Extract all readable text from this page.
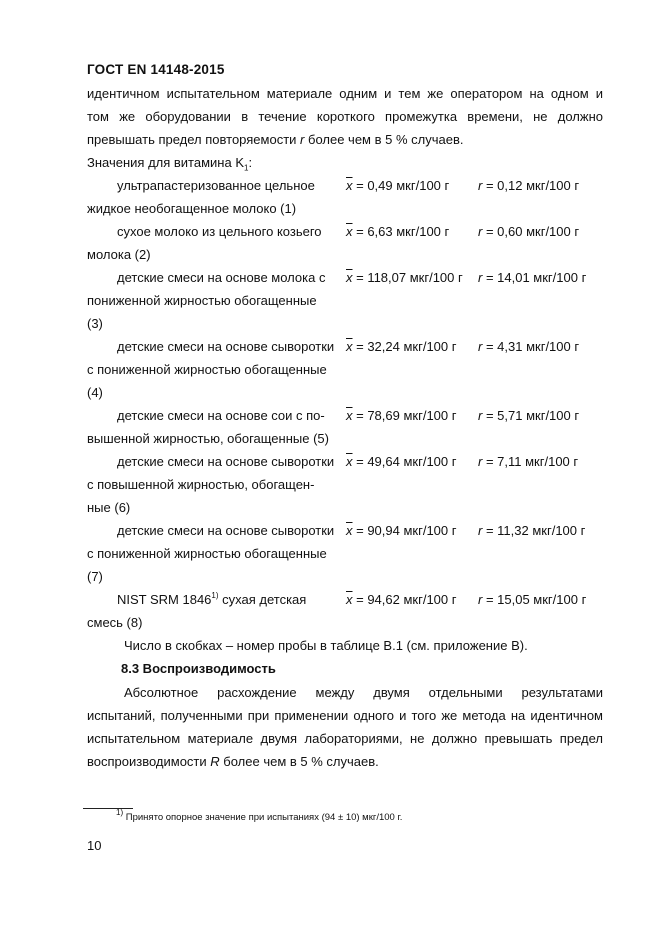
ГОСТ EN 14148-2015
идентичном испытательном материале одним и тем же оператором на одном и
том же оборудовании в течение короткого промежутка времени, не должно
превышать предел повторяемости r более чем в 5 % случаев.
Значения для витамина $K_1$:
ультрапастеризованное цельное
жидкое необогащенное молоко (1)
$\overline{x} = 0,49$ мкг/100 г r = 0,12 мкг/100 г
сухое молоко из цельного козьего
молока (2)
$\overline{x} = 6,63$ мкг/100 г r = 0,60 мкг/100 г
детские смеси на основе молока с
пониженной жирностью обогащенные
(3)
$\overline{x} = 118,07$ мкг/100 г r = 14,01 мкг/100 г
детские смеси на основе сыворотки
с пониженной жирностью обогащенные
(4)
$\overline{x} = 32,24$ мкг/100 г r = 4,31 мкг/100 г
детские смеси на основе сои с по-
вышенной жирностью, обогащенные (5)
$\overline{x} = 78,69$ мкг/100 г r = 5,71 мкг/100 г
детские смеси на основе сыворотки
с повышенной жирностью, обогащен-
ные (6)
$\overline{x} = 49,64$ мкг/100 г r = 7,11 мкг/100 г
детские смеси на основе сыворотки
с пониженной жирностью обогащенные
(7)
$\overline{x} = 90,94$ мкг/100 г r = 11,32 мкг/100 г
NIST SRM 1846$^{1)}$ сухая детская
смесь (8)
$\overline{x} = 94,62$ мкг/100 г r = 15,05 мкг/100 г
Число в скобках – номер пробы в таблице В.1 (см. приложение В).
8.3 Воспроизводимость
Абсолютное расхождение между двумя отдельными результатами
испытаний, полученными при применении одного и того же метода на идентичном
испытательном материале двумя лабораториями, не должно превышать предел
воспроизводимости R более чем в 5 % случаев.
$^{1)}$ Принято опорное значение при испытаниях (94 ± 10) мкг/100 г.
10
